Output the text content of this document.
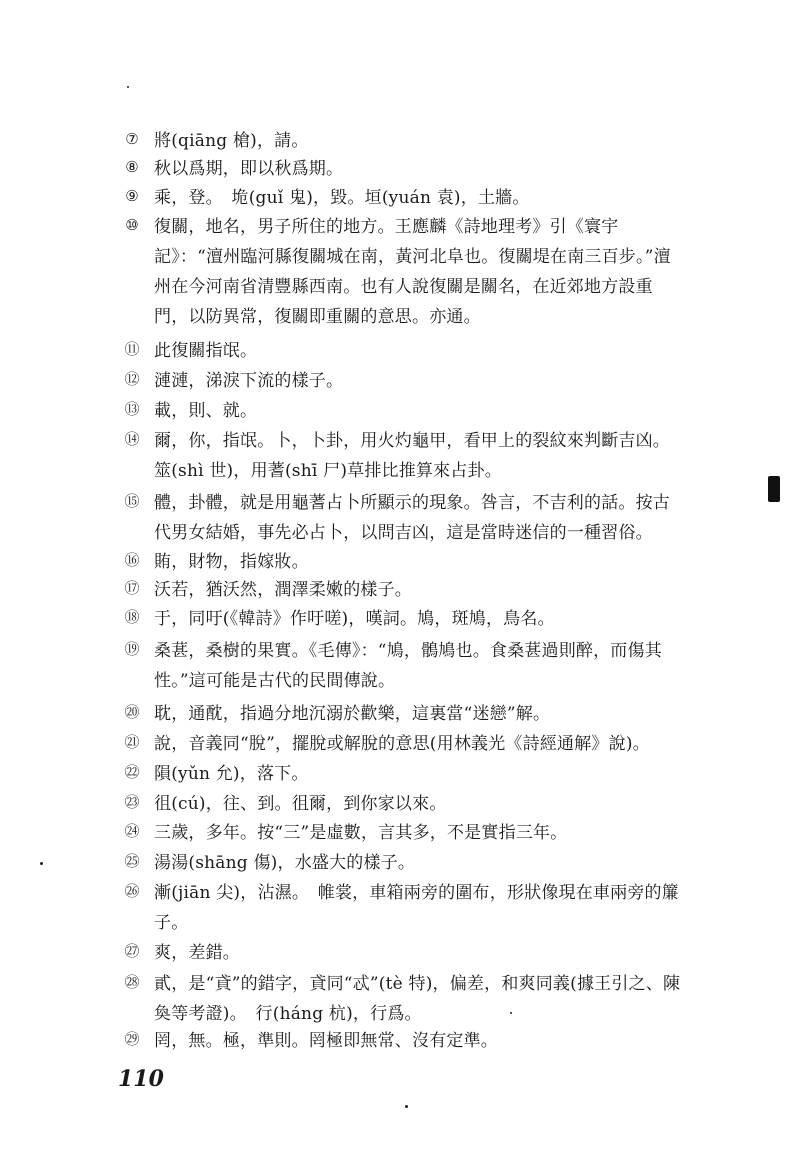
⑦ 將(qiāng 槍)，請。
⑧ 秋以爲期，即以秋爲期。
⑨ 乘，登。　垝(guǐ 鬼)，毀。垣(yuán 袁)，土牆。
⑩ 復關，地名，男子所住的地方。王應麟《詩地理考》引《寰宇記》：“澶州臨河縣復關城在南，黃河北阜也。復關堤在南三百步。”澶州在今河南省清豐縣西南。也有人說復關是關名，在近郊地方設重門，以防異常，復關即重關的意思。亦通。
⑪ 此復關指氓。
⑫ 漣漣，涕淚下流的樣子。
⑬ 載，則、就。
⑭ 爾，你，指氓。卜，卜卦，用火灼龜甲，看甲上的裂紋來判斷吉凶。筮(shì 世)，用蓍(shī 尸)草排比推算來占卦。
⑮ 體，卦體，就是用龜蓍占卜所顯示的現象。咎言，不吉利的話。按古代男女結婚，事先必占卜，以問吉凶，這是當時迷信的一種習俗。
⑯ 賄，財物，指嫁妝。
⑰ 沃若，猶沃然，潤澤柔嫩的樣子。
⑱ 于，同吁(《韓詩》作吁嗟)，嘆詞。鳩，斑鳩，鳥名。
⑲ 桑葚，桑樹的果實。《毛傳》：“鳩，鶻鳩也。食桑葚過則醉，而傷其性。”這可能是古代的民間傳說。
⑳ 耽，通酖，指過分地沉溺於歡樂，這裏當“迷戀”解。
㉑ 說，音義同“脫”，擺脫或解脫的意思(用林義光《詩經通解》說)。
㉒ 隕(yǔn 允)，落下。
㉓ 徂(cú)，往、到。徂爾，到你家以來。
㉔ 三歲，多年。按“三”是虛數，言其多，不是實指三年。
㉕ 湯湯(shāng 傷)，水盛大的樣子。
㉖ 漸(jiān 尖)，沾濕。　帷裳，車箱兩旁的圍布，形狀像現在車兩旁的簾子。
㉗ 爽，差錯。
㉘ 貳，是“貣”的錯字，貣同“忒”(tè 特)，偏差，和爽同義(據王引之、陳奐等考證)。　行(háng 杭)，行爲。
㉙ 罔，無。極，準則。罔極即無常、沒有定準。
110
